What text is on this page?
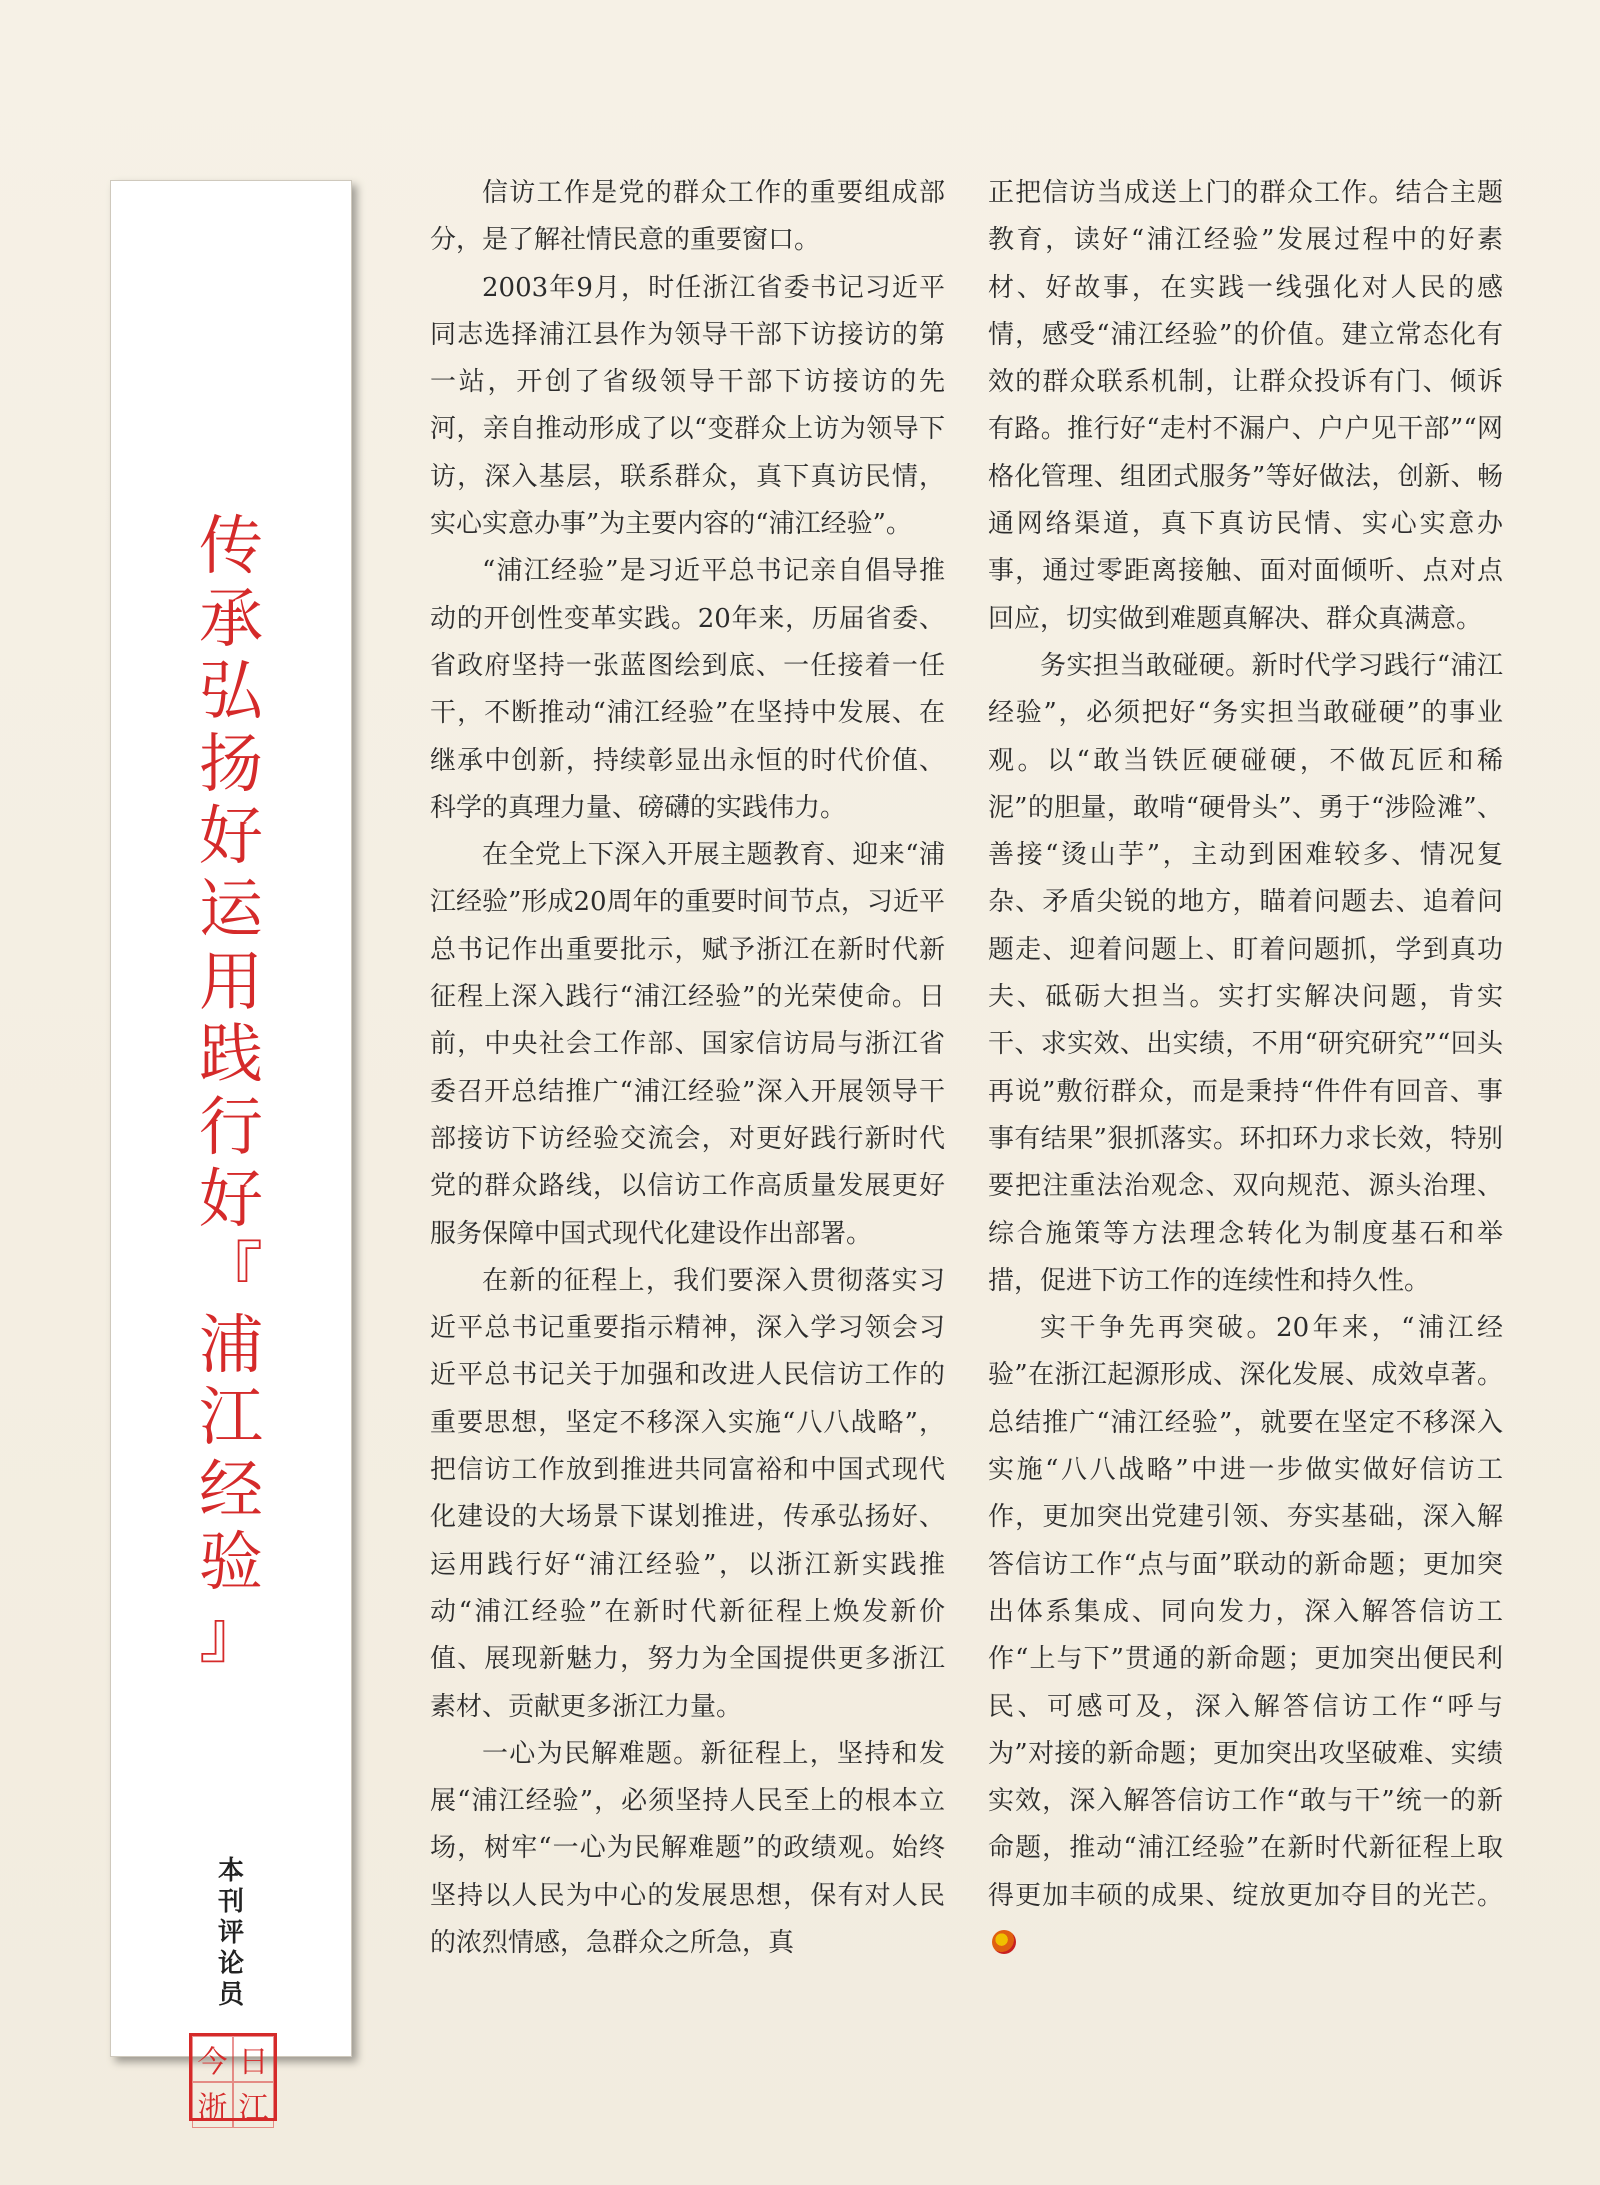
传
承
弘
扬
好
运
用
践
行
好
『
浦
江
经
验
』
本
刊
评
论
员
今 日
浙 江

信访工作是党的群众工作的重要组成部分，是了解社情民意的重要窗口。

2003年9月，时任浙江省委书记习近平同志选择浦江县作为领导干部下访接访的第一站，开创了省级领导干部下访接访的先河，亲自推动形成了以“变群众上访为领导下访，深入基层，联系群众，真下真访民情，实心实意办事”为主要内容的“浦江经验”。

“浦江经验”是习近平总书记亲自倡导推动的开创性变革实践。20年来，历届省委、省政府坚持一张蓝图绘到底、一任接着一任干，不断推动“浦江经验”在坚持中发展、在继承中创新，持续彰显出永恒的时代价值、科学的真理力量、磅礴的实践伟力。

在全党上下深入开展主题教育、迎来“浦江经验”形成20周年的重要时间节点，习近平总书记作出重要批示，赋予浙江在新时代新征程上深入践行“浦江经验”的光荣使命。日前，中央社会工作部、国家信访局与浙江省委召开总结推广“浦江经验”深入开展领导干部接访下访经验交流会，对更好践行新时代党的群众路线，以信访工作高质量发展更好服务保障中国式现代化建设作出部署。

在新的征程上，我们要深入贯彻落实习近平总书记重要指示精神，深入学习领会习近平总书记关于加强和改进人民信访工作的重要思想，坚定不移深入实施“八八战略”，把信访工作放到推进共同富裕和中国式现代化建设的大场景下谋划推进，传承弘扬好、运用践行好“浦江经验”，以浙江新实践推动“浦江经验”在新时代新征程上焕发新价值、展现新魅力，努力为全国提供更多浙江素材、贡献更多浙江力量。

一心为民解难题。新征程上，坚持和发展“浦江经验”，必须坚持人民至上的根本立场，树牢“一心为民解难题”的政绩观。始终坚持以人民为中心的发展思想，保有对人民的浓烈情感，急群众之所急，真

正把信访当成送上门的群众工作。结合主题教育，读好“浦江经验”发展过程中的好素材、好故事，在实践一线强化对人民的感情，感受“浦江经验”的价值。建立常态化有效的群众联系机制，让群众投诉有门、倾诉有路。推行好“走村不漏户、户户见干部”“网格化管理、组团式服务”等好做法，创新、畅通网络渠道，真下真访民情、实心实意办事，通过零距离接触、面对面倾听、点对点回应，切实做到难题真解决、群众真满意。

务实担当敢碰硬。新时代学习践行“浦江经验”，必须把好“务实担当敢碰硬”的事业观。以“敢当铁匠硬碰硬，不做瓦匠和稀泥”的胆量，敢啃“硬骨头”、勇于“涉险滩”、善接“烫山芋”，主动到困难较多、情况复杂、矛盾尖锐的地方，瞄着问题去、追着问题走、迎着问题上、盯着问题抓，学到真功夫、砥砺大担当。实打实解决问题，肯实干、求实效、出实绩，不用“研究研究”“回头再说”敷衍群众，而是秉持“件件有回音、事事有结果”狠抓落实。环扣环力求长效，特别要把注重法治观念、双向规范、源头治理、综合施策等方法理念转化为制度基石和举措，促进下访工作的连续性和持久性。

实干争先再突破。20年来，“浦江经验”在浙江起源形成、深化发展、成效卓著。总结推广“浦江经验”，就要在坚定不移深入实施“八八战略”中进一步做实做好信访工作，更加突出党建引领、夯实基础，深入解答信访工作“点与面”联动的新命题；更加突出体系集成、同向发力，深入解答信访工作“上与下”贯通的新命题；更加突出便民利民、可感可及，深入解答信访工作“呼与为”对接的新命题；更加突出攻坚破难、实绩实效，深入解答信访工作“敢与干”统一的新命题，推动“浦江经验”在新时代新征程上取得更加丰硕的成果、绽放更加夺目的光芒。
